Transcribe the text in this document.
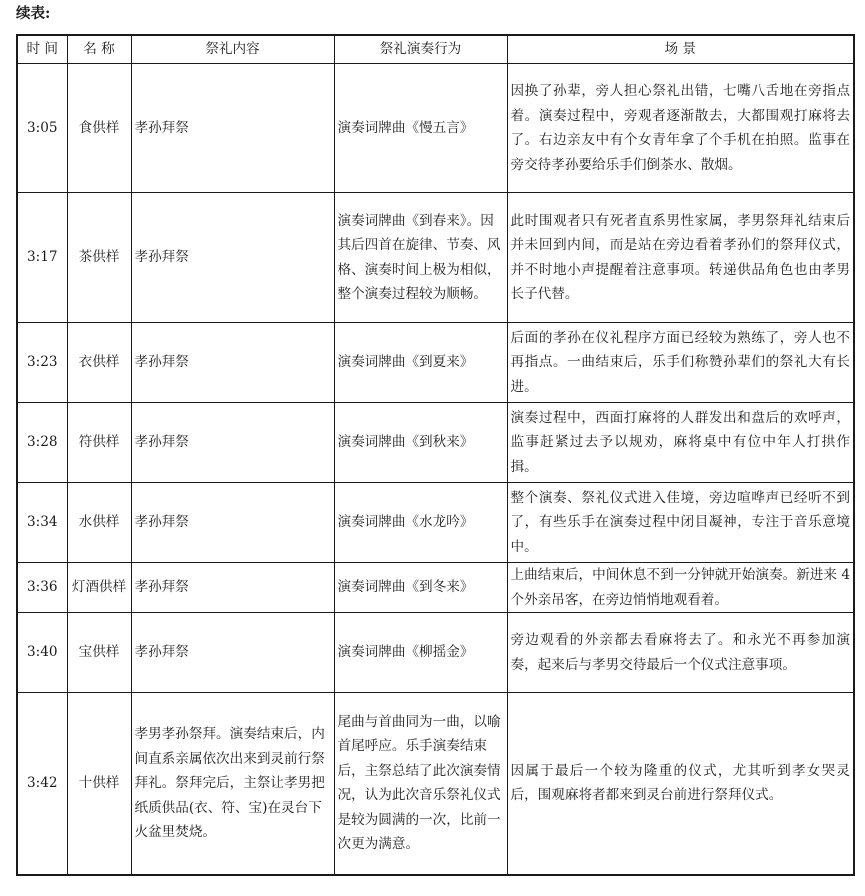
续表:
时 间	名 称	祭礼内容	祭礼演奏行为	场 景
3:05	食供样	孝孙拜祭	演奏词牌曲《慢五言》	因换了孙辈，旁人担心祭礼出错，七嘴八舌地在旁指点着。演奏过程中，旁观者逐渐散去，大都围观打麻将去了。右边亲友中有个女青年拿了个手机在拍照。监事在旁交待孝孙要给乐手们倒茶水、散烟。
3:17	茶供样	孝孙拜祭	演奏词牌曲《到春来》。因其后四首在旋律、节奏、风格、演奏时间上极为相似，整个演奏过程较为顺畅。	此时围观者只有死者直系男性家属，孝男祭拜礼结束后并未回到内间，而是站在旁边看着孝孙们的祭拜仪式，并不时地小声提醒着注意事项。转递供品角色也由孝男长子代替。
3:23	衣供样	孝孙拜祭	演奏词牌曲《到夏来》	后面的孝孙在仪礼程序方面已经较为熟练了，旁人也不再指点。一曲结束后，乐手们称赞孙辈们的祭礼大有长进。
3:28	符供样	孝孙拜祭	演奏词牌曲《到秋来》	演奏过程中，西面打麻将的人群发出和盘后的欢呼声，监事赶紧过去予以规劝，麻将桌中有位中年人打拱作揖。
3:34	水供样	孝孙拜祭	演奏词牌曲《水龙吟》	整个演奏、祭礼仪式进入佳境，旁边喧哗声已经听不到了，有些乐手在演奏过程中闭目凝神，专注于音乐意境中。
3:36	灯酒供样	孝孙拜祭	演奏词牌曲《到冬来》	上曲结束后，中间休息不到一分钟就开始演奏。新进来 4 个外亲吊客，在旁边悄悄地观看着。
3:40	宝供样	孝孙拜祭	演奏词牌曲《柳摇金》	旁边观看的外亲都去看麻将去了。和永光不再参加演奏，起来后与孝男交待最后一个仪式注意事项。
3:42	十供样	孝男孝孙祭拜。演奏结束后，内间直系亲属依次出来到灵前行祭拜礼。祭拜完后，主祭让孝男把纸质供品(衣、符、宝)在灵台下火盆里焚烧。	尾曲与首曲同为一曲，以喻首尾呼应。乐手演奏结束后，主祭总结了此次演奏情况，认为此次音乐祭礼仪式是较为圆满的一次，比前一次更为满意。	因属于最后一个较为隆重的仪式，尤其听到孝女哭灵后，围观麻将者都来到灵台前进行祭拜仪式。
